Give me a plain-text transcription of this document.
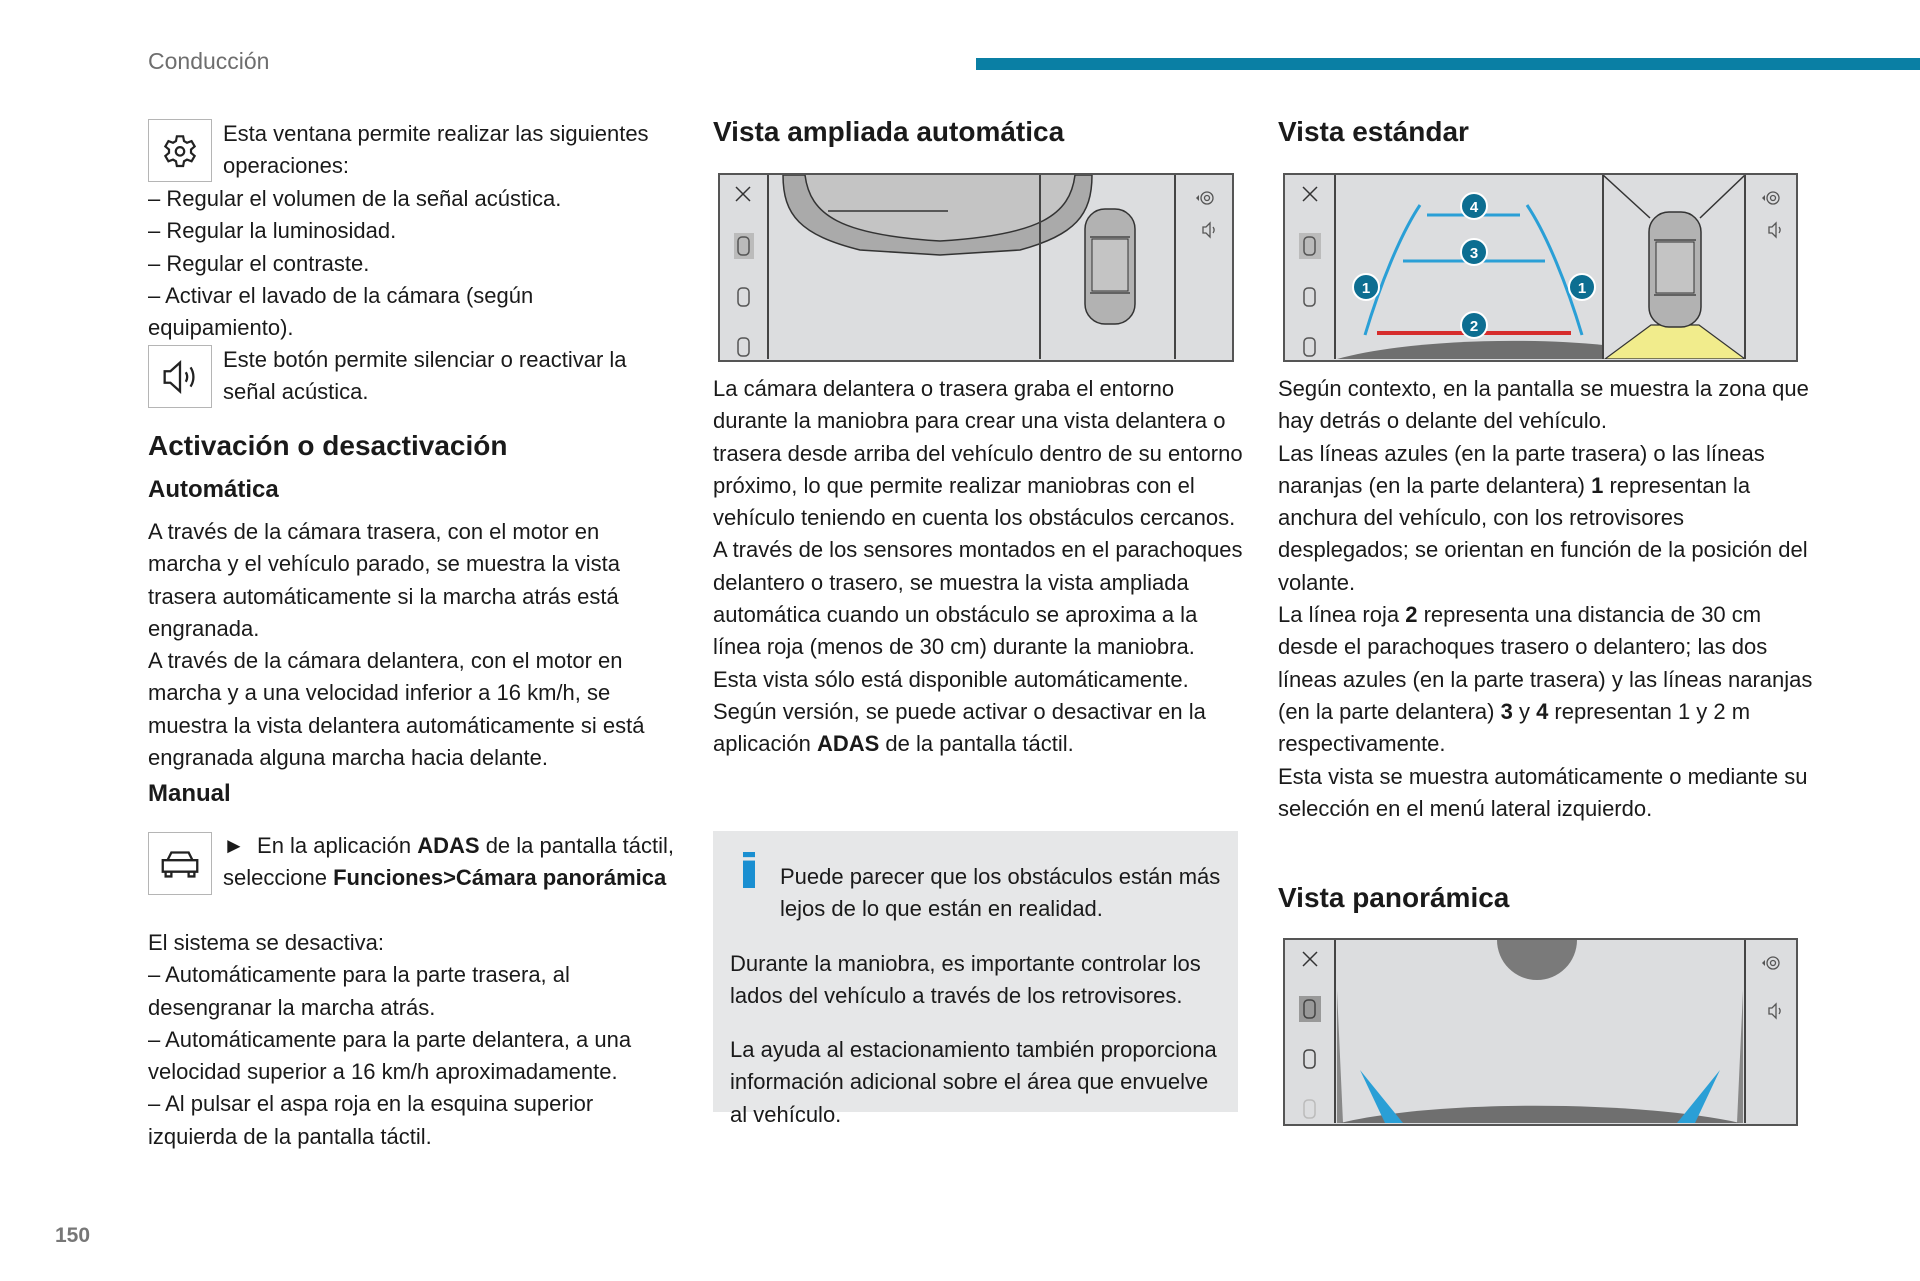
Conducción

Esta ventana permite realizar las siguientes operaciones:

– Regular el volumen de la señal acústica.

– Regular la luminosidad.

– Regular el contraste.

– Activar el lavado de la cámara (según equipamiento).

Este botón permite silenciar o reactivar la señal acústica.

Activación o desactivación

Automática

A través de la cámara trasera, con el motor en marcha y el vehículo parado, se muestra la vista trasera automáticamente si la marcha atrás está engranada.

A través de la cámara delantera, con el motor en marcha y a una velocidad inferior a 16 km/h, se muestra la vista delantera automáticamente si está engranada alguna marcha hacia delante.

Manual

► En la aplicación ADAS de la pantalla táctil, seleccione Funciones>Cámara panorámica

El sistema se desactiva:

– Automáticamente para la parte trasera, al desengranar la marcha atrás.

– Automáticamente para la parte delantera, a una velocidad superior a 16 km/h aproximadamente.

– Al pulsar el aspa roja en la esquina superior izquierda de la pantalla táctil.

Vista ampliada automática

La cámara delantera o trasera graba el entorno durante la maniobra para crear una vista delantera o trasera desde arriba del vehículo dentro de su entorno próximo, lo que permite realizar maniobras con el vehículo teniendo en cuenta los obstáculos cercanos.

A través de los sensores montados en el parachoques delantero o trasero, se muestra la vista ampliada automática cuando un obstáculo se aproxima a la línea roja (menos de 30 cm) durante la maniobra.

Esta vista sólo está disponible automáticamente.

Según versión, se puede activar o desactivar en la aplicación ADAS de la pantalla táctil.

Puede parecer que los obstáculos están más lejos de lo que están en realidad.

Durante la maniobra, es importante controlar los lados del vehículo a través de los retrovisores.

La ayuda al estacionamiento también proporciona información adicional sobre el área que envuelve al vehículo.

Vista estándar

4
3
1	1
2

Según contexto, en la pantalla se muestra la zona que hay detrás o delante del vehículo.

Las líneas azules (en la parte trasera) o las líneas naranjas (en la parte delantera) 1 representan la anchura del vehículo, con los retrovisores desplegados; se orientan en función de la posición del volante.

La línea roja 2 representa una distancia de 30 cm desde el parachoques trasero o delantero; las dos líneas azules (en la parte trasera) y las líneas naranjas (en la parte delantera) 3 y 4 representan 1 y 2 m respectivamente.

Esta vista se muestra automáticamente o mediante su selección en el menú lateral izquierdo.

Vista panorámica

150
